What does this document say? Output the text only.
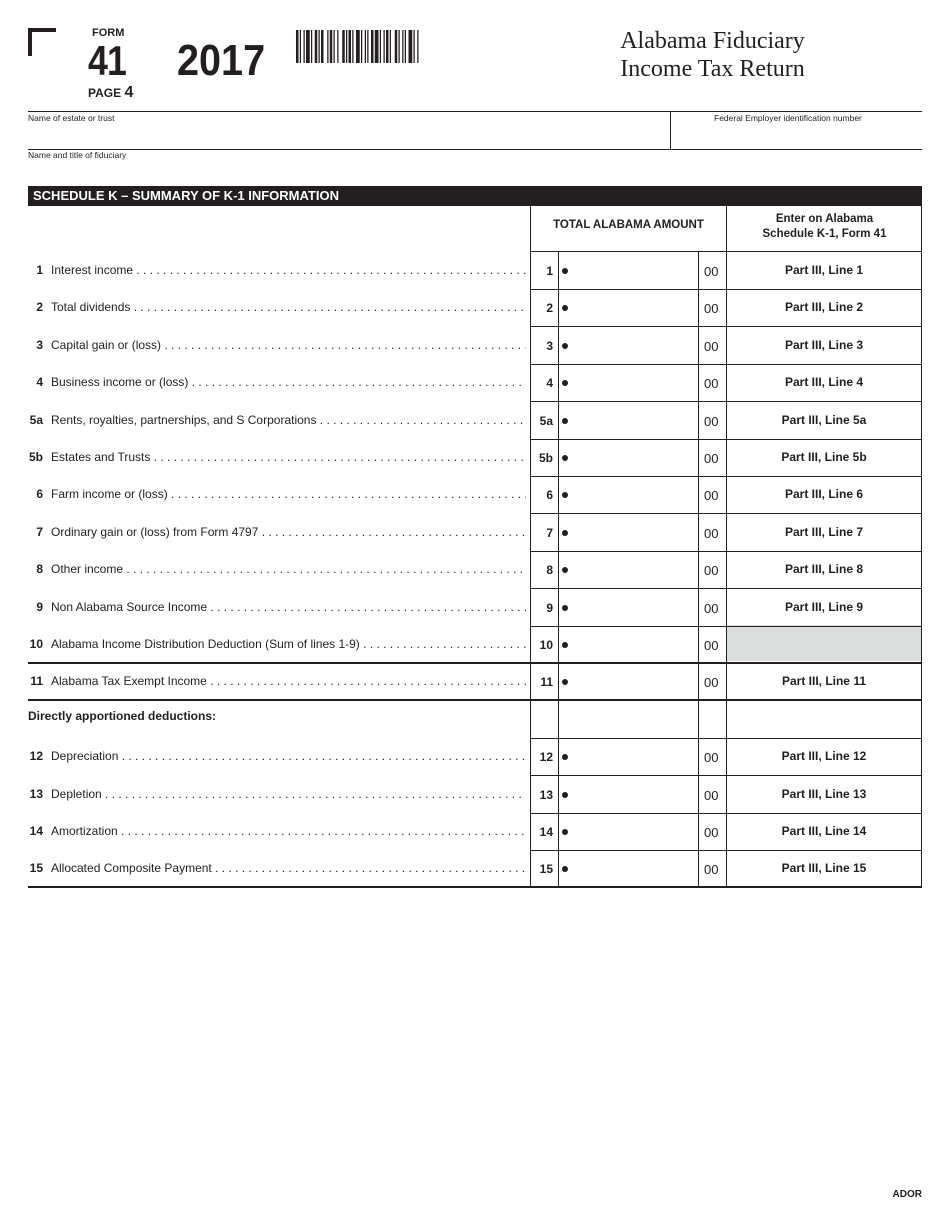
FORM
41
PAGE 4
2017	Alabama Fiduciary
Income Tax Return
Name of estate or trust	Federal Employer identification number
Name and title of fiduciary
SCHEDULE K – SUMMARY OF K-1 INFORMATION
TOTAL ALABAMA AMOUNT	Enter on Alabama
Schedule K-1, Form 41
Directly apportioned deductions:
1 Interest income . . .	1	00	Part III, Line 1
2 Total dividends . . .	2	00	Part III, Line 2
3 Capital gain or (loss) . . .	3	00	Part III, Line 3
4 Business income or (loss) . . .	4	00	Part III, Line 4
5a Rents, royalties, partnerships, and S Corporations . . .	5a	00	Part III, Line 5a
5b Estates and Trusts . . .	5b	00	Part III, Line 5b
6 Farm income or (loss) . . .	6	00	Part III, Line 6
7 Ordinary gain or (loss) from Form 4797 . . .	7	00	Part III, Line 7
8 Other income . . .	8	00	Part III, Line 8
9 Non Alabama Source Income . . .	9	00	Part III, Line 9
10 Alabama Income Distribution Deduction (Sum of lines 1-9) . . .	10	00
11 Alabama Tax Exempt Income . . .	11	00	Part III, Line 11
12 Depreciation . . .	12	00	Part III, Line 12
13 Depletion . . .	13	00	Part III, Line 13
14 Amortization . . .	14	00	Part III, Line 14
15 Allocated Composite Payment . . .	15	00	Part III, Line 15
ADOR
